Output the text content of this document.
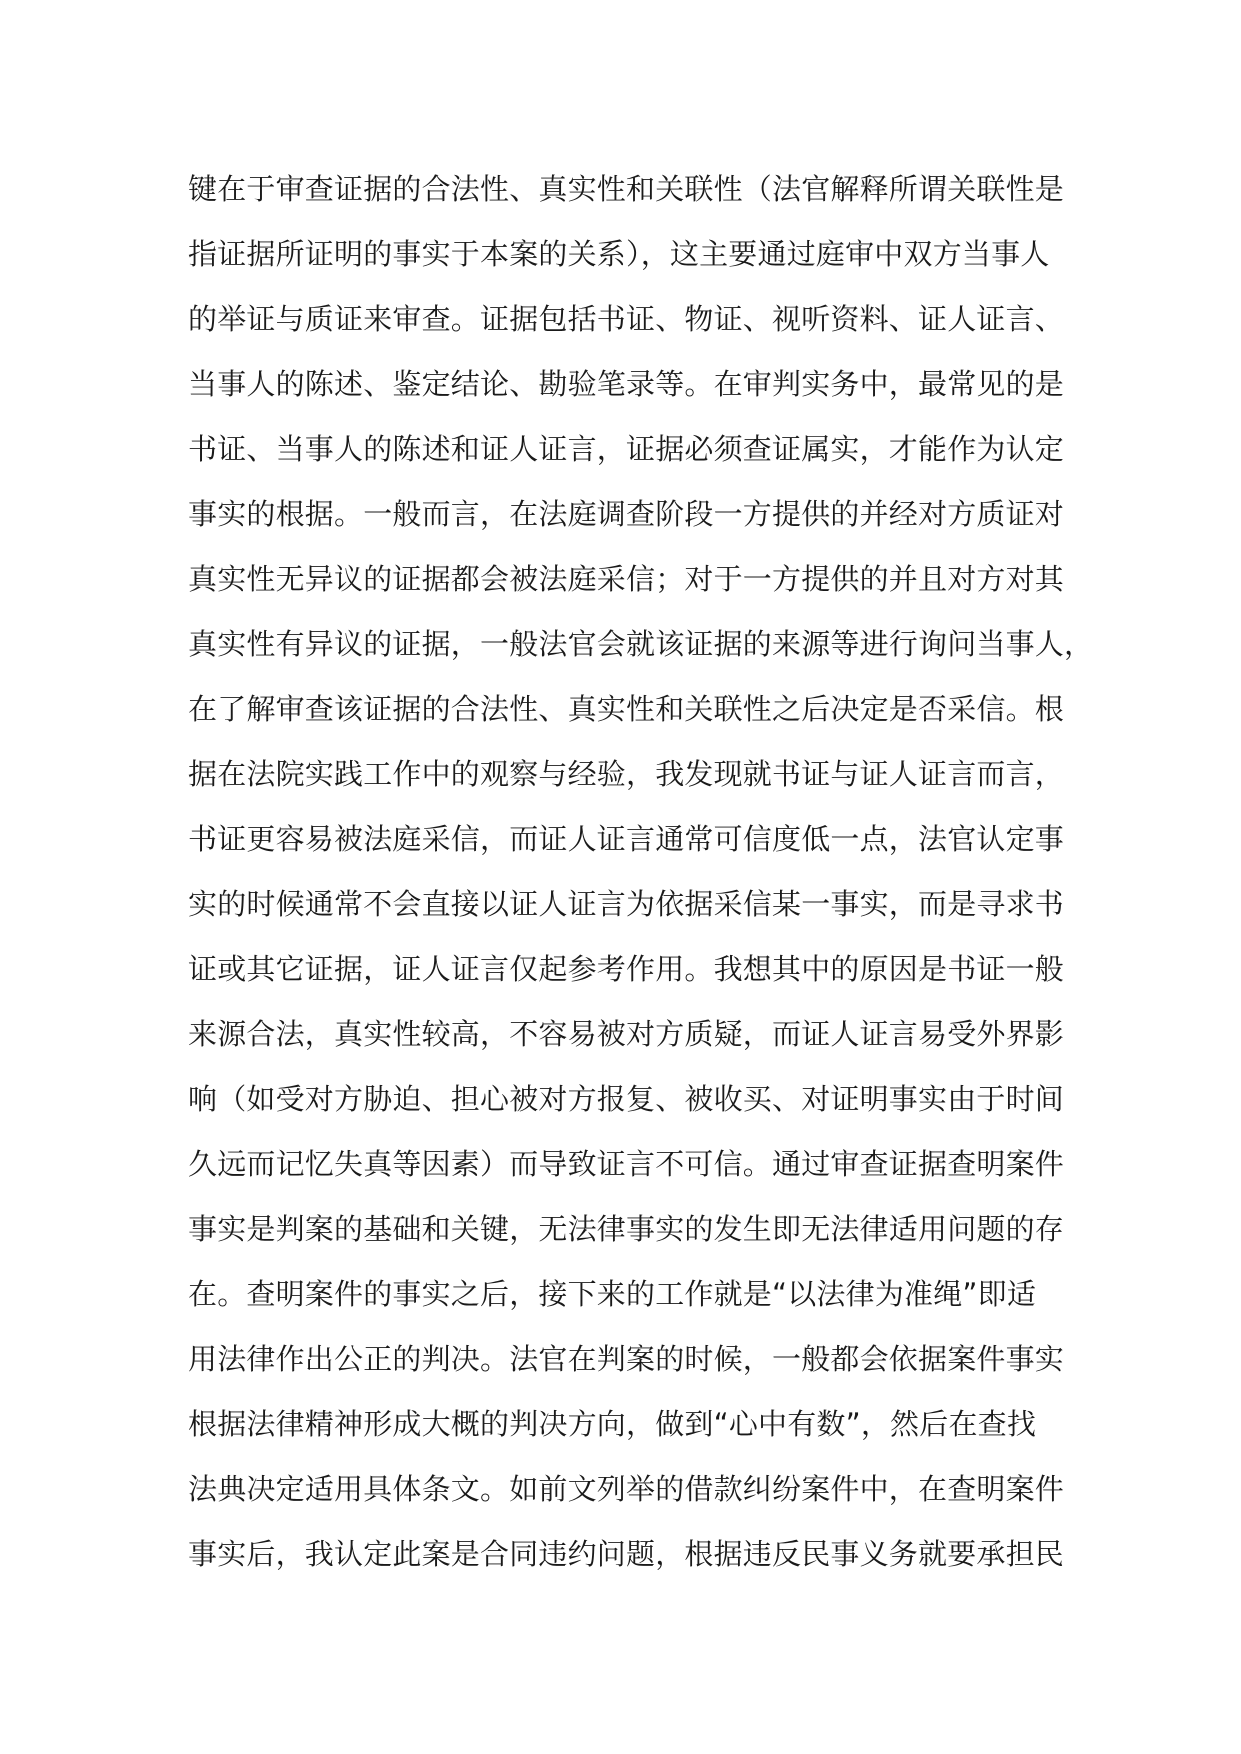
键在于审查证据的合法性、真实性和关联性（法官解释所谓关联性是
指证据所证明的事实于本案的关系），这主要通过庭审中双方当事人
的举证与质证来审查。证据包括书证、物证、视听资料、证人证言、
当事人的陈述、鉴定结论、勘验笔录等。在审判实务中，最常见的是
书证、当事人的陈述和证人证言，证据必须查证属实，才能作为认定
事实的根据。一般而言，在法庭调查阶段一方提供的并经对方质证对
真实性无异议的证据都会被法庭采信；对于一方提供的并且对方对其
真实性有异议的证据，一般法官会就该证据的来源等进行询问当事人，
在了解审查该证据的合法性、真实性和关联性之后决定是否采信。根
据在法院实践工作中的观察与经验，我发现就书证与证人证言而言，
书证更容易被法庭采信，而证人证言通常可信度低一点，法官认定事
实的时候通常不会直接以证人证言为依据采信某一事实，而是寻求书
证或其它证据，证人证言仅起参考作用。我想其中的原因是书证一般
来源合法，真实性较高，不容易被对方质疑，而证人证言易受外界影
响（如受对方胁迫、担心被对方报复、被收买、对证明事实由于时间
久远而记忆失真等因素）而导致证言不可信。通过审查证据查明案件
事实是判案的基础和关键，无法律事实的发生即无法律适用问题的存
在。查明案件的事实之后，接下来的工作就是“以法律为准绳”即适
用法律作出公正的判决。法官在判案的时候，一般都会依据案件事实
根据法律精神形成大概的判决方向，做到“心中有数”，然后在查找
法典决定适用具体条文。如前文列举的借款纠纷案件中，在查明案件
事实后，我认定此案是合同违约问题，根据违反民事义务就要承担民
